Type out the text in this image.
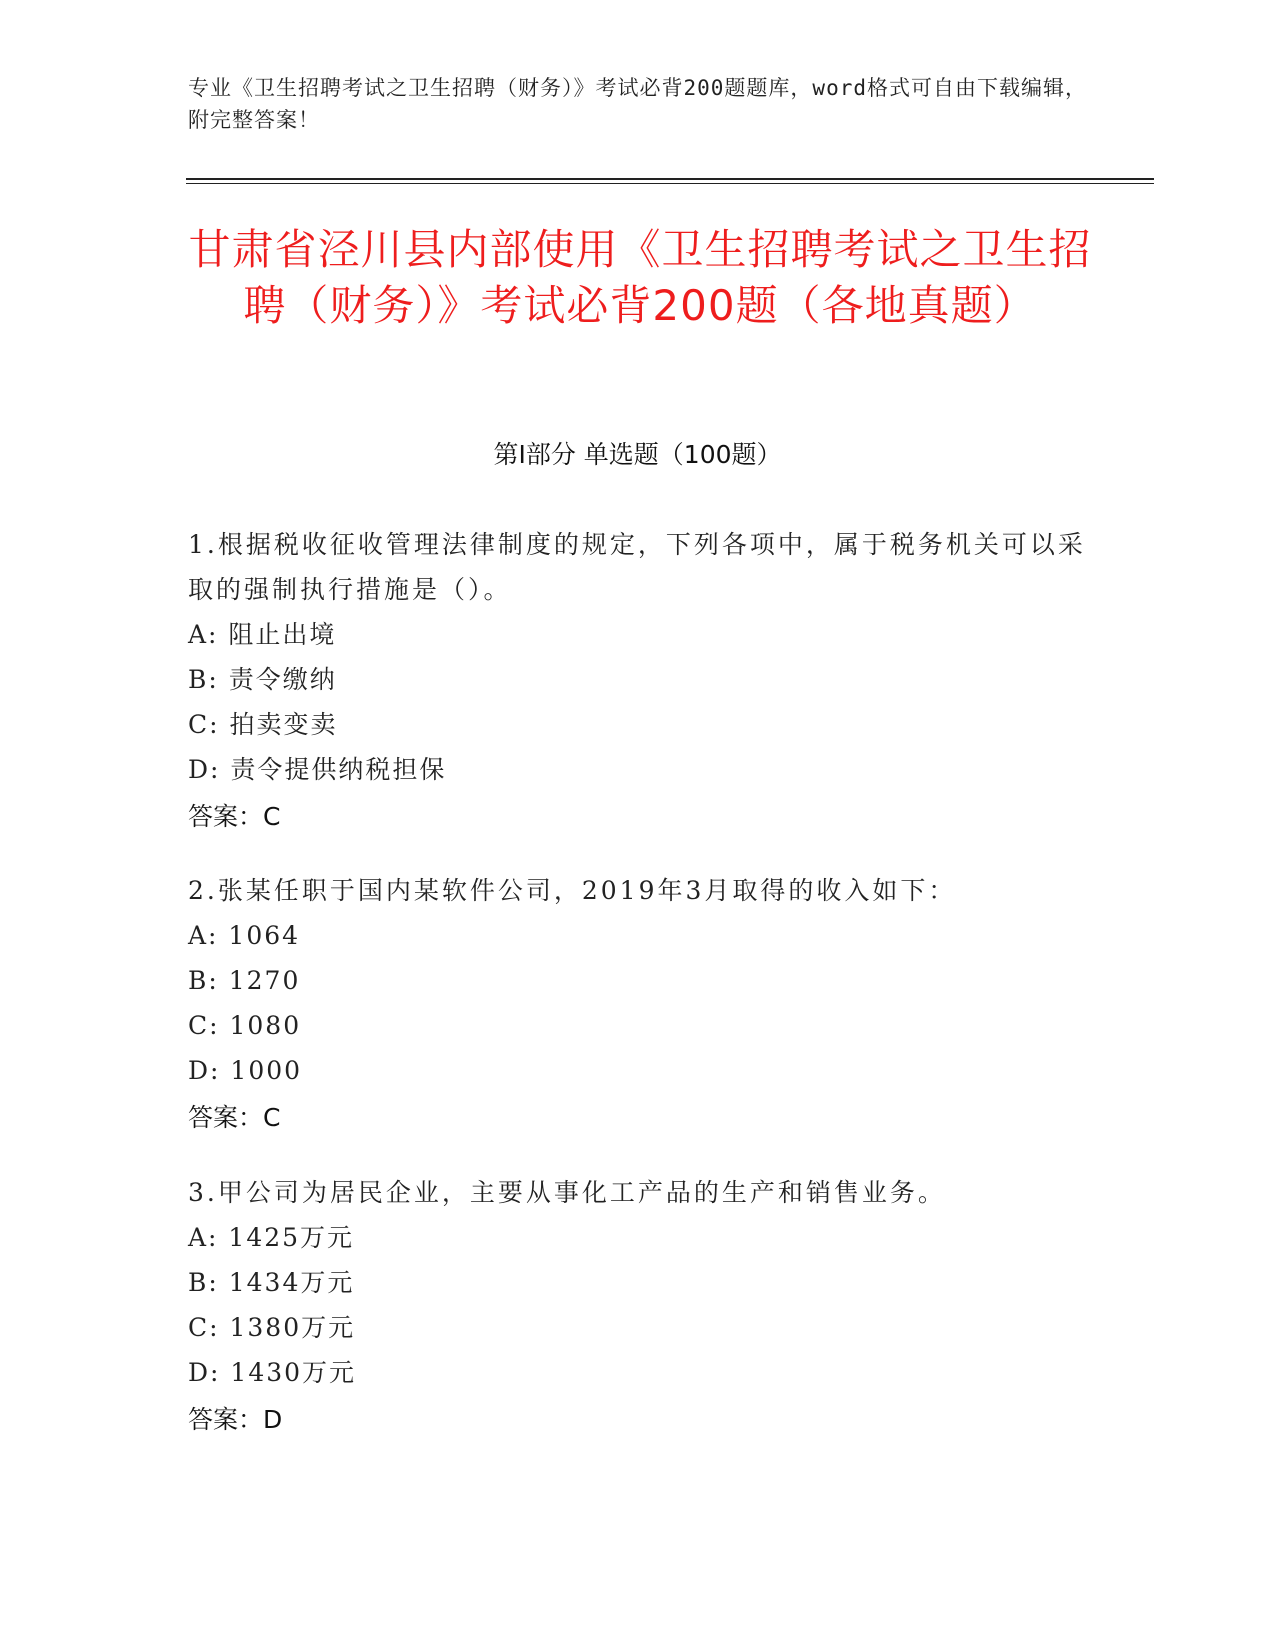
专业《卫生招聘考试之卫生招聘（财务）》考试必背200题题库，word格式可自由下载编辑，附完整答案！
甘肃省泾川县内部使用《卫生招聘考试之卫生招聘（财务）》考试必背200题（各地真题）
第I部分 单选题（100题）

1.根据税收征收管理法律制度的规定，下列各项中，属于税务机关可以采取的强制执行措施是（）。

A: 阻止出境

B: 责令缴纳

C: 拍卖变卖

D: 责令提供纳税担保

答案：C

2.张某任职于国内某软件公司，2019年3月取得的收入如下：

A: 1064

B: 1270

C: 1080

D: 1000

答案：C

3.甲公司为居民企业，主要从事化工产品的生产和销售业务。

A: 1425万元

B: 1434万元

C: 1380万元

D: 1430万元

答案：D
